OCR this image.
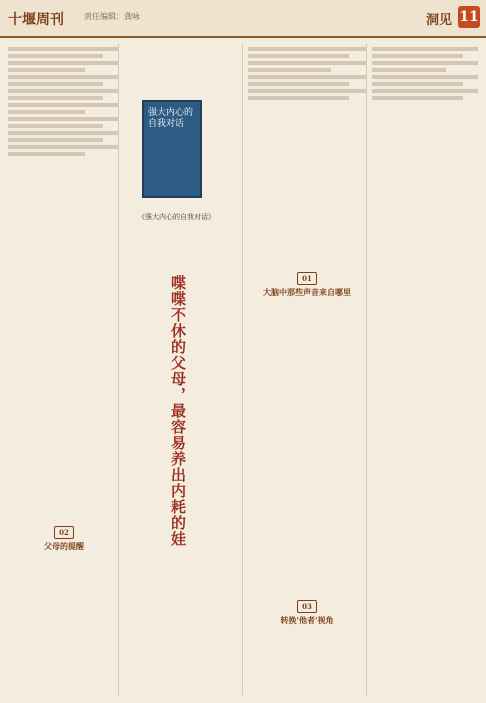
十堰周刊	责任编辑：龚咏	洞见 11
强大内心的自我对话
《强大内心的自我对话》
喋喋不休的父母，最容易养出内耗的娃	01
大脑中那些声音来自哪里
03
转换'他者'视角
02
父母的提醒
